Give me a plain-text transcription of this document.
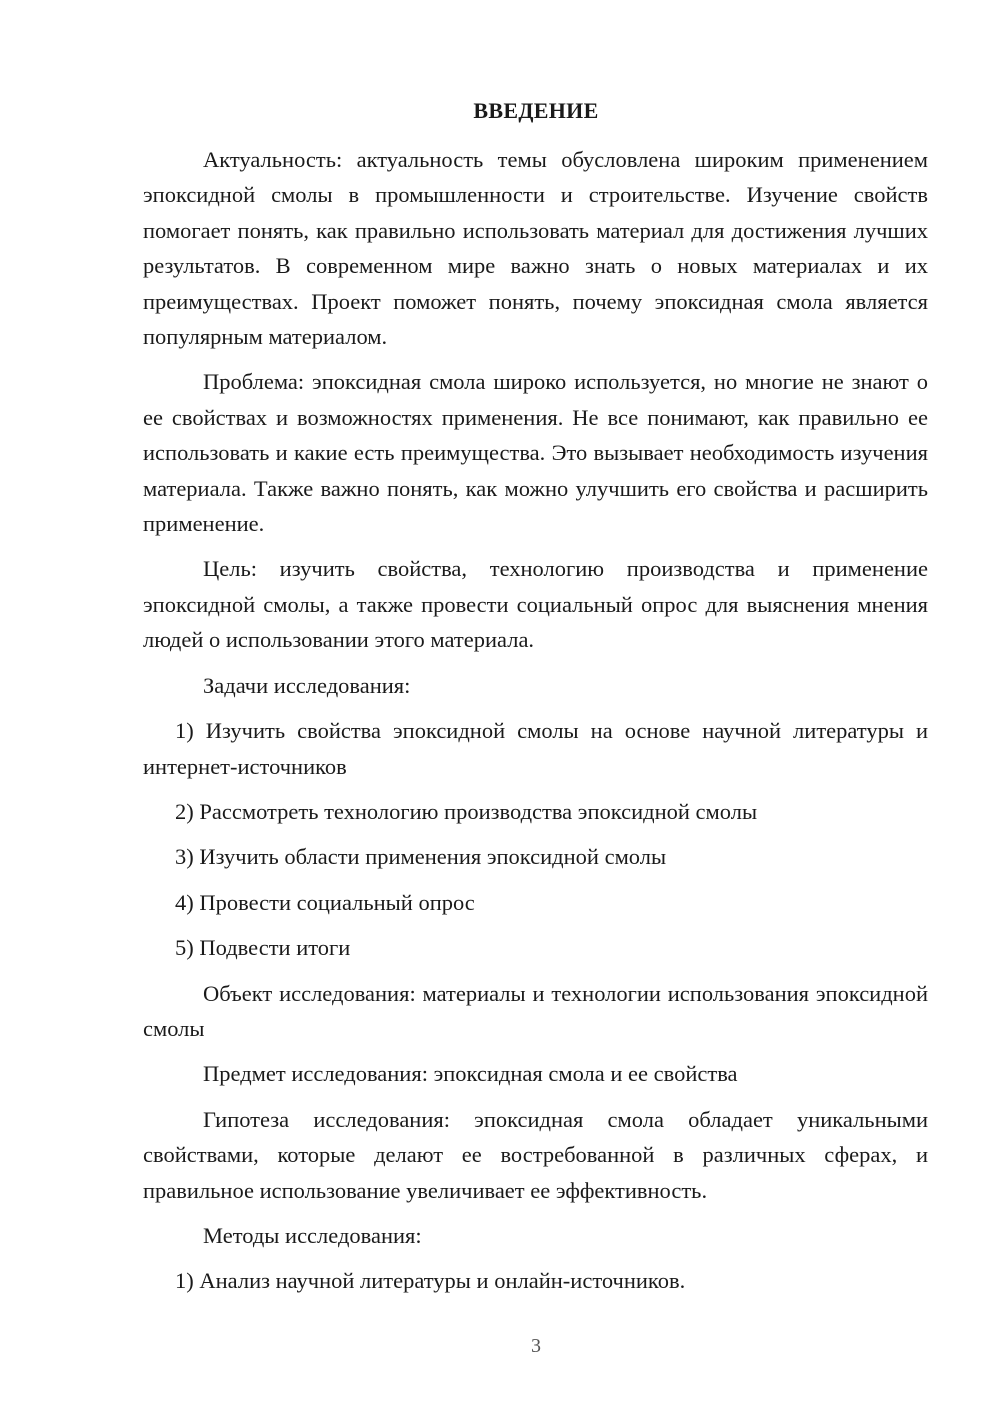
ВВЕДЕНИЕ

Актуальность: актуальность темы обусловлена широким применением эпоксидной смолы в промышленности и строительстве. Изучение свойств помогает понять, как правильно использовать материал для достижения лучших результатов. В современном мире важно знать о новых материалах и их преимуществах. Проект поможет понять, почему эпоксидная смола является популярным материалом.

Проблема: эпоксидная смола широко используется, но многие не знают о ее свойствах и возможностях применения. Не все понимают, как правильно ее использовать и какие есть преимущества. Это вызывает необходимость изучения материала. Также важно понять, как можно улучшить его свойства и расширить применение.

Цель: изучить свойства, технологию производства и применение эпоксидной смолы, а также провести социальный опрос для выяснения мнения людей о использовании этого материала.

Задачи исследования:

1) Изучить свойства эпоксидной смолы на основе научной литературы и интернет-источников

2) Рассмотреть технологию производства эпоксидной смолы

3) Изучить области применения эпоксидной смолы

4) Провести социальный опрос

5) Подвести итоги

Объект исследования: материалы и технологии использования эпоксидной смолы

Предмет исследования: эпоксидная смола и ее свойства

Гипотеза исследования: эпоксидная смола обладает уникальными свойствами, которые делают ее востребованной в различных сферах, и правильное использование увеличивает ее эффективность.

Методы исследования:

1) Анализ научной литературы и онлайн-источников.

3
